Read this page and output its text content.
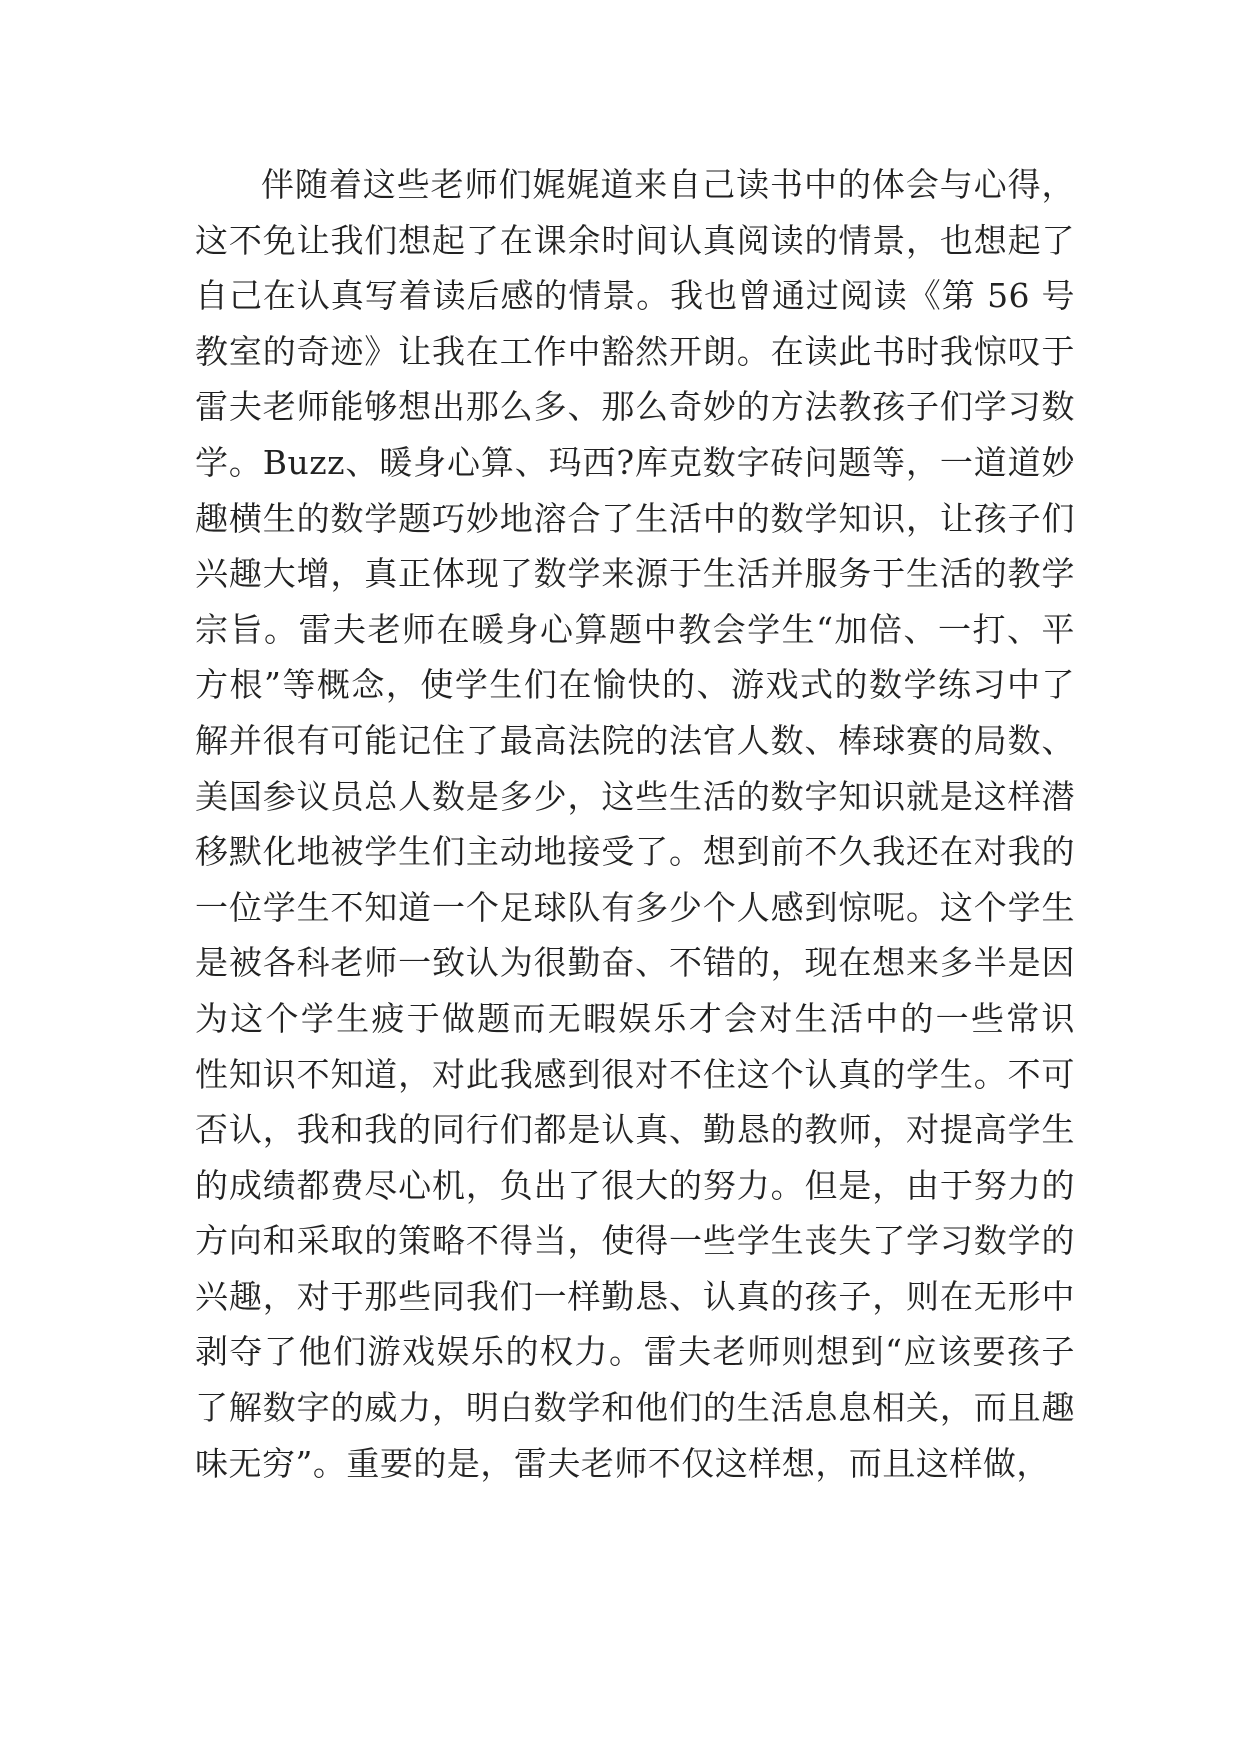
伴随着这些老师们娓娓道来自己读书中的体会与心得，
这不免让我们想起了在课余时间认真阅读的情景，也想起了
自己在认真写着读后感的情景。我也曾通过阅读《第 56 号
教室的奇迹》让我在工作中豁然开朗。在读此书时我惊叹于
雷夫老师能够想出那么多、那么奇妙的方法教孩子们学习数
学。Buzz、暖身心算、玛西?库克数字砖问题等，一道道妙
趣横生的数学题巧妙地溶合了生活中的数学知识，让孩子们
兴趣大增，真正体现了数学来源于生活并服务于生活的教学
宗旨。雷夫老师在暖身心算题中教会学生“加倍、一打、平
方根”等概念，使学生们在愉快的、游戏式的数学练习中了
解并很有可能记住了最高法院的法官人数、棒球赛的局数、
美国参议员总人数是多少，这些生活的数字知识就是这样潜
移默化地被学生们主动地接受了。想到前不久我还在对我的
一位学生不知道一个足球队有多少个人感到惊呢。这个学生
是被各科老师一致认为很勤奋、不错的，现在想来多半是因
为这个学生疲于做题而无暇娱乐才会对生活中的一些常识
性知识不知道，对此我感到很对不住这个认真的学生。不可
否认，我和我的同行们都是认真、勤恳的教师，对提高学生
的成绩都费尽心机，负出了很大的努力。但是，由于努力的
方向和采取的策略不得当，使得一些学生丧失了学习数学的
兴趣，对于那些同我们一样勤恳、认真的孩子，则在无形中
剥夺了他们游戏娱乐的权力。雷夫老师则想到“应该要孩子
了解数字的威力，明白数学和他们的生活息息相关，而且趣
味无穷”。重要的是，雷夫老师不仅这样想，而且这样做，
